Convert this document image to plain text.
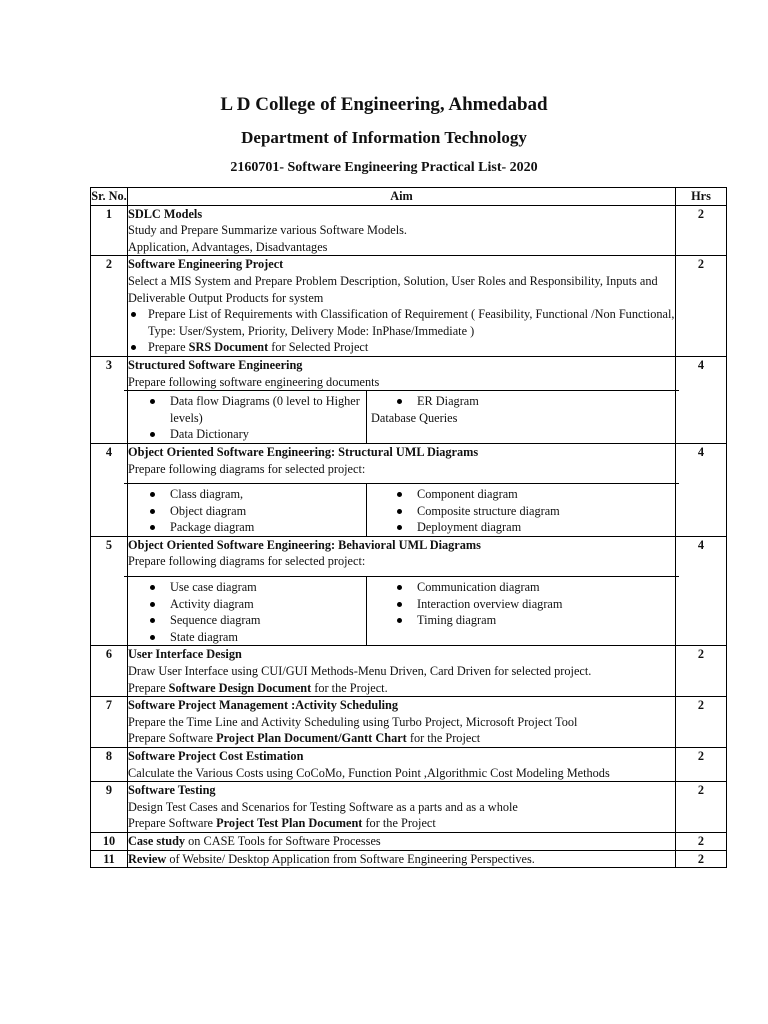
L D College of Engineering, Ahmedabad
Department of Information Technology
2160701- Software Engineering Practical List- 2020
Sr. No.	Aim	Hrs
1	SDLC Models
Study and Prepare Summarize various Software Models.
Application, Advantages, Disadvantages
	2
2	Software Engineering Project
Select a MIS System and Prepare Problem Description, Solution, User Roles and Responsibility, Inputs and Deliverable Output Products for system
Prepare List of Requirements with Classification of Requirement ( Feasibility, Functional /Non Functional, Type: User/System, Priority, Delivery Mode: InPhase/Immediate )
Prepare SRS Document for Selected Project
	2
3	Structured Software Engineering
Prepare following software engineering documents
Data flow Diagrams (0 level to Higher levels)
Data Dictionary

ER Diagram
Database Queries
	4
4	Object Oriented Software Engineering: Structural UML Diagrams
Prepare following diagrams for selected project:
Class diagram,
Object diagram
Package diagram

Component diagram
Composite structure diagram
Deployment diagram
	4
5	Object Oriented Software Engineering: Behavioral UML Diagrams
Prepare following diagrams for selected project:
Use case diagram
Activity diagram
Sequence diagram
State diagram

Communication diagram
Interaction overview diagram
Timing diagram
	4
6	User Interface Design
Draw User Interface using CUI/GUI Methods-Menu Driven, Card Driven for selected project.
Prepare Software Design Document for the Project.
	2
7	Software Project Management :Activity Scheduling
Prepare the Time Line and Activity Scheduling using Turbo Project, Microsoft Project Tool
Prepare Software Project Plan Document/Gantt Chart for the Project
	2
8	Software Project Cost Estimation
Calculate the Various Costs using CoCoMo, Function Point ,Algorithmic Cost Modeling Methods
	2
9	Software Testing
Design Test Cases and Scenarios for Testing Software as a parts and as a whole
Prepare Software Project Test Plan Document for the Project
	2
10	Case study on CASE Tools for Software Processes	2
11	Review of Website/ Desktop Application from Software Engineering Perspectives.	2
